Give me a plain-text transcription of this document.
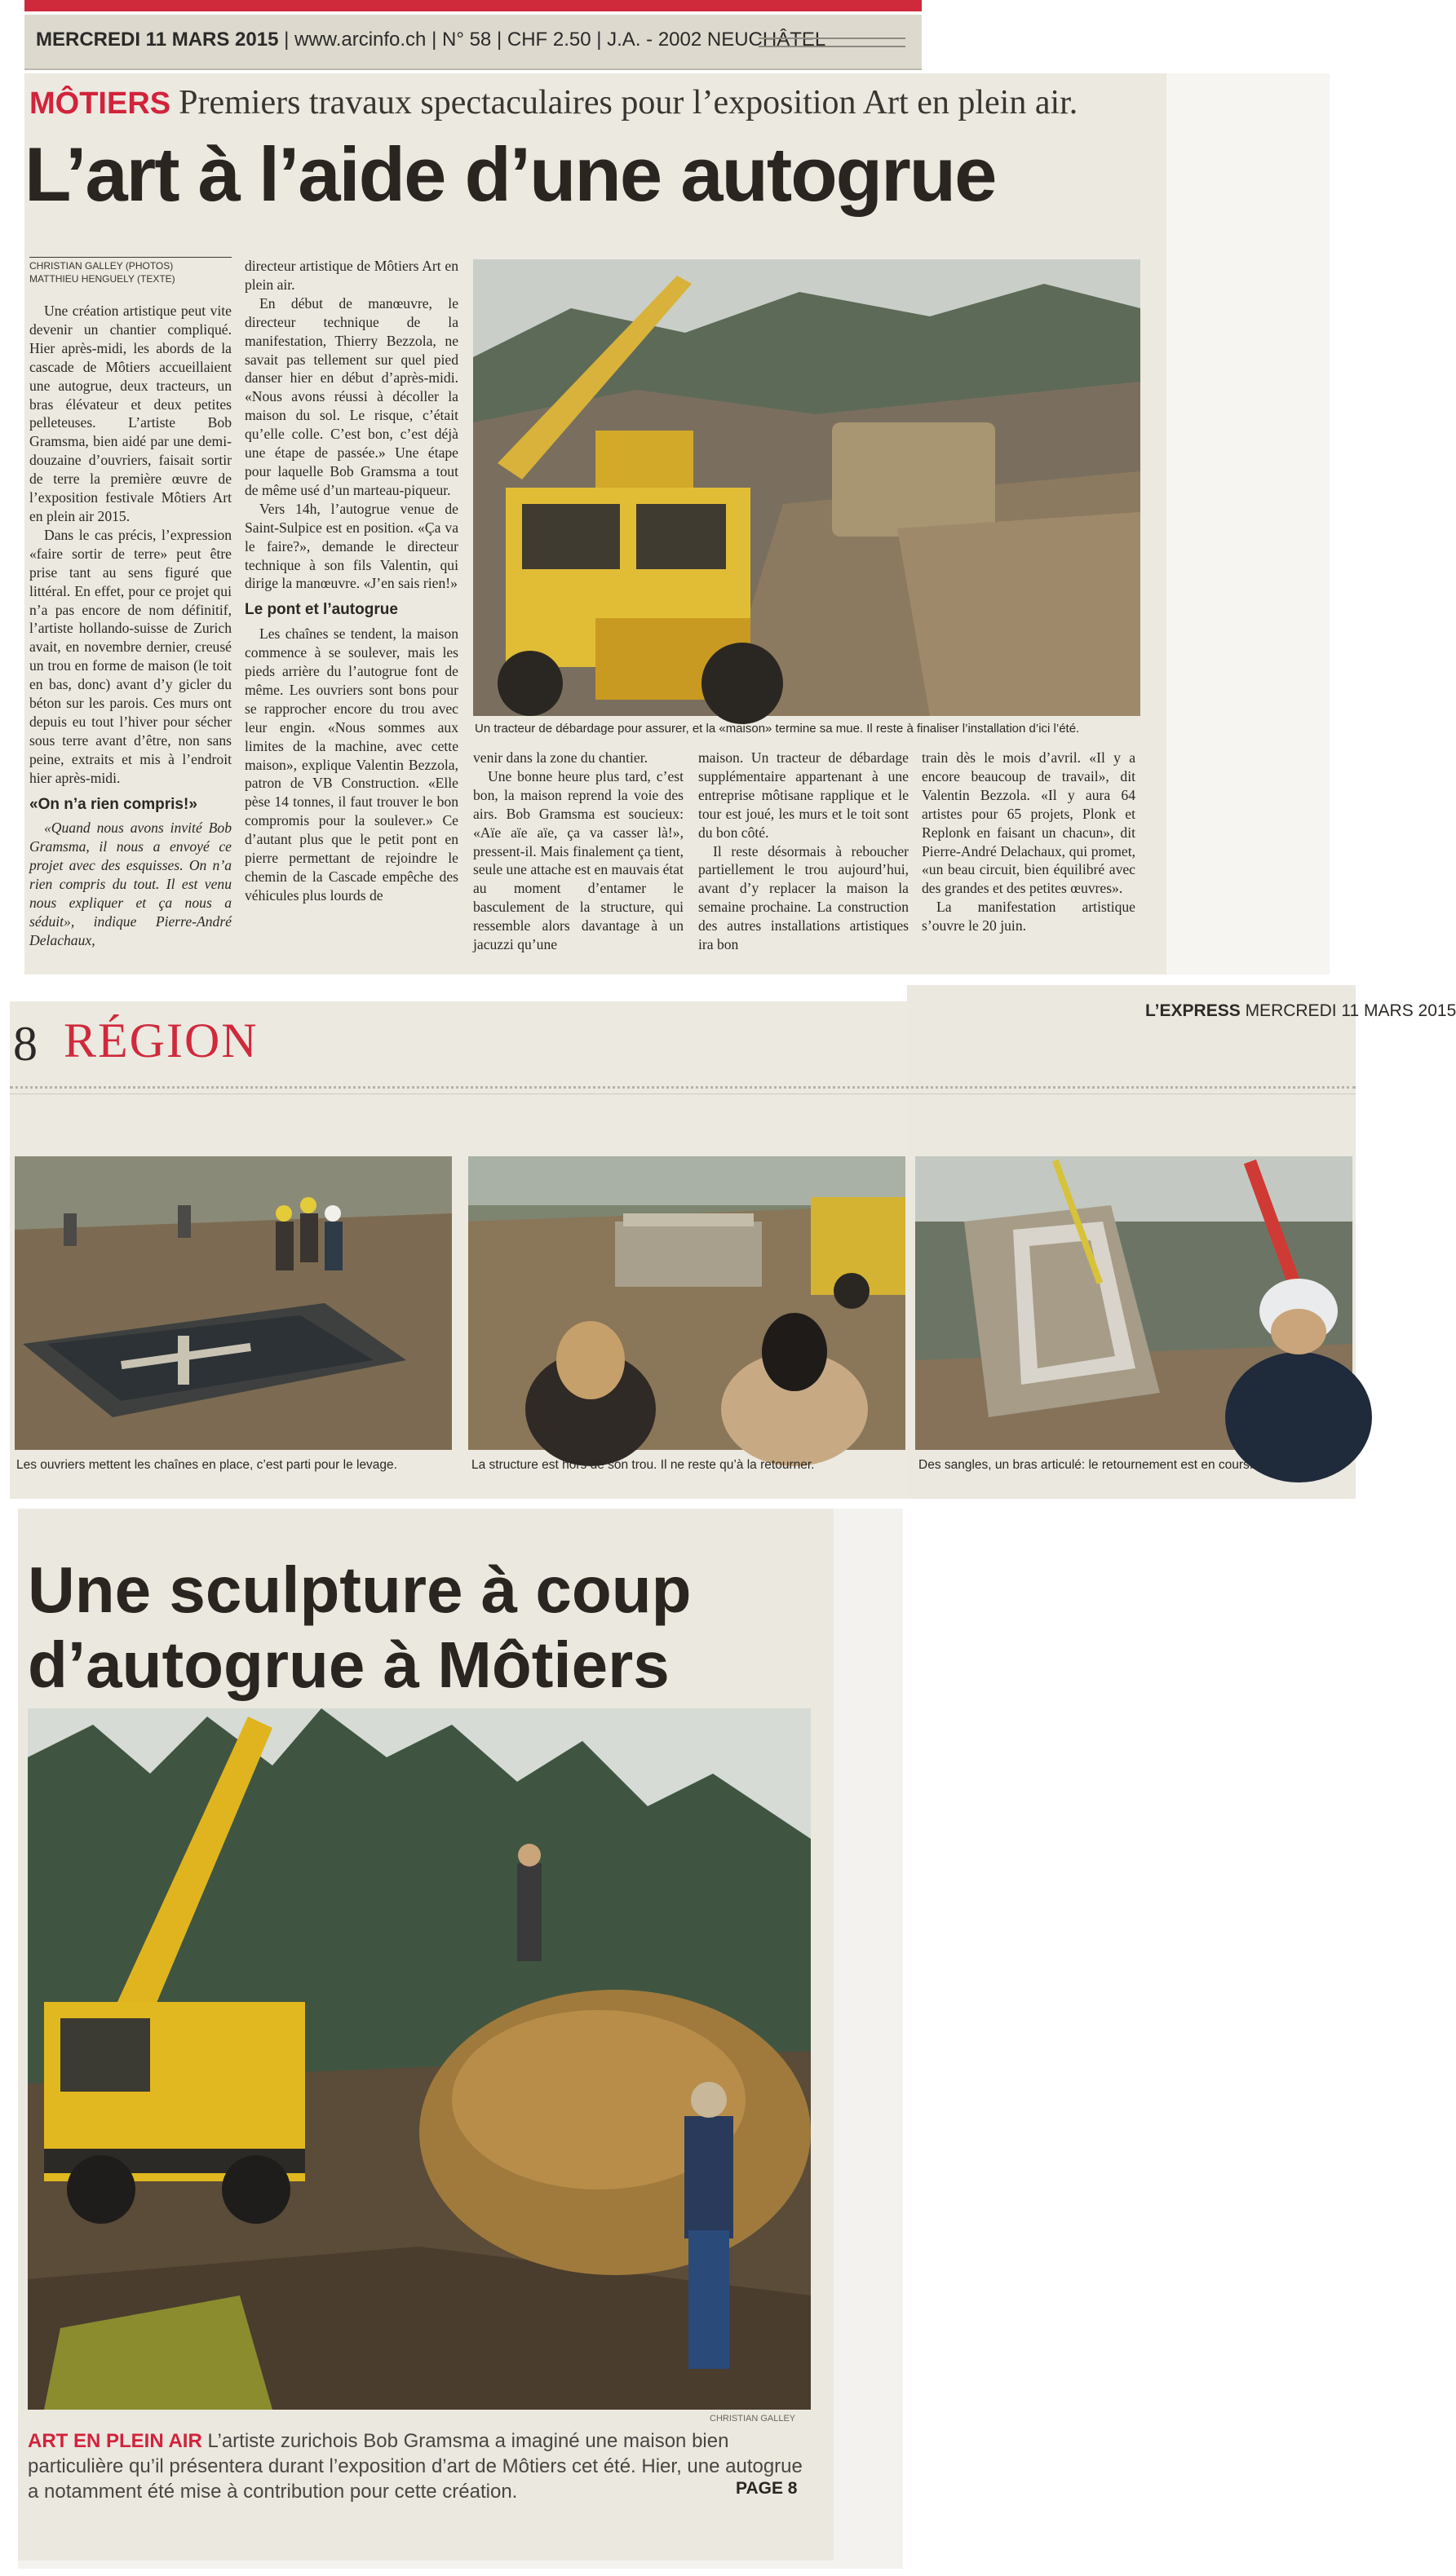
MERCREDI 11 MARS 2015 | www.arcinfo.ch | N° 58 | CHF 2.50 | J.A. - 2002 NEUCHÂTEL
MÔTIERS Premiers travaux spectaculaires pour l’exposition Art en plein air.
L’art à l’aide d’une autogrue
CHRISTIAN GALLEY (PHOTOS)
MATTHIEU HENGUELY (TEXTE)

Une création artistique peut vite devenir un chantier compliqué. Hier après-midi, les abords de la cascade de Môtiers accueillaient une autogrue, deux tracteurs, un bras élévateur et deux petites pelleteuses. L’artiste Bob Gramsma, bien aidé par une demi-douzaine d’ouvriers, faisait sortir de terre la première œuvre de l’exposition festivale Môtiers Art en plein air 2015.

Dans le cas précis, l’expression «faire sortir de terre» peut être prise tant au sens figuré que littéral. En effet, pour ce projet qui n’a pas encore de nom définitif, l’artiste hollando-suisse de Zurich avait, en novembre dernier, creusé un trou en forme de maison (le toit en bas, donc) avant d’y gicler du béton sur les parois. Ces murs ont depuis eu tout l’hiver pour sécher sous terre avant d’être, non sans peine, extraits et mis à l’endroit hier après-midi.

«On n’a rien compris!»

«Quand nous avons invité Bob Gramsma, il nous a envoyé ce projet avec des esquisses. On n’a rien compris du tout. Il est venu nous expliquer et ça nous a séduit», indique Pierre-André Delachaux,

directeur artistique de Môtiers Art en plein air.

En début de manœuvre, le directeur technique de la manifestation, Thierry Bezzola, ne savait pas tellement sur quel pied danser hier en début d’après-midi. «Nous avons réussi à décoller la maison du sol. Le risque, c’était qu’elle colle. C’est bon, c’est déjà une étape de passée.» Une étape pour laquelle Bob Gramsma a tout de même usé d’un marteau-piqueur.

Vers 14h, l’autogrue venue de Saint-Sulpice est en position. «Ça va le faire?», demande le directeur technique à son fils Valentin, qui dirige la manœuvre. «J’en sais rien!»

Le pont et l’autogrue

Les chaînes se tendent, la maison commence à se soulever, mais les pieds arrière du l’autogrue font de même. Les ouvriers sont bons pour se rapprocher encore du trou avec leur engin. «Nous sommes aux limites de la machine, avec cette maison», explique Valentin Bezzola, patron de VB Construction. «Elle pèse 14 tonnes, il faut trouver le bon compromis pour la soulever.» Ce d’autant plus que le petit pont en pierre permettant de rejoindre le chemin de la Cascade empêche des véhicules plus lourds de

Un tracteur de débardage pour assurer, et la «maison» termine sa mue. Il reste à finaliser l’installation d’ici l’été.

venir dans la zone du chantier.

Une bonne heure plus tard, c’est bon, la maison reprend la voie des airs. Bob Gramsma est soucieux: «Aïe aïe aïe, ça va casser là!», pressent-il. Mais finalement ça tient, seule une attache est en mauvais état au moment d’entamer le basculement de la structure, qui ressemble alors davantage à un jacuzzi qu’une

maison. Un tracteur de débardage supplémentaire appartenant à une entreprise môtisane rapplique et le tour est joué, les murs et le toit sont du bon côté.

Il reste désormais à reboucher partiellement le trou aujourd’hui, avant d’y replacer la maison la semaine prochaine. La construction des autres installations artistiques ira bon

train dès le mois d’avril. «Il y a encore beaucoup de travail», dit Valentin Bezzola. «Il y aura 64 artistes pour 65 projets, Plonk et Replonk en faisant un chacun», dit Pierre-André Delachaux, qui promet, «un beau circuit, bien équilibré avec des grandes et des petites œuvres».

La manifestation artistique s’ouvre le 20 juin.

8 RÉGION
L’EXPRESS MERCREDI 11 MARS 2015
Les ouvriers mettent les chaînes en place, c’est parti pour le levage.	La structure est hors de son trou. Il ne reste qu’à la retourner.	Des sangles, un bras articulé: le retournement est en cours.
Une sculpture à coup
d’autogrue à Môtiers
CHRISTIAN GALLEY
ART EN PLEIN AIR L’artiste zurichois Bob Gramsma a imaginé une maison bien particulière qu’il présentera durant l’exposition d’art de Môtiers cet été. Hier, une autogrue a notamment été mise à contribution pour cette création.	PAGE 8
